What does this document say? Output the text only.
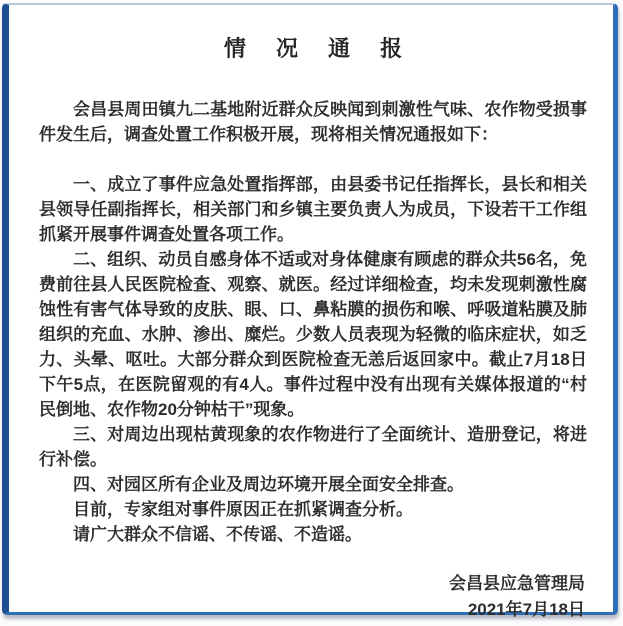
情 况 通 报

会昌县周田镇九二基地附近群众反映闻到刺激性气味、农作物受损事件发生后，调查处置工作积极开展，现将相关情况通报如下：

一、成立了事件应急处置指挥部，由县委书记任指挥长，县长和相关县领导任副指挥长，相关部门和乡镇主要负责人为成员，下设若干工作组抓紧开展事件调查处置各项工作。

二、组织、动员自感身体不适或对身体健康有顾虑的群众共56名，免费前往县人民医院检查、观察、就医。经过详细检查，均未发现刺激性腐蚀性有害气体导致的皮肤、眼、口、鼻粘膜的损伤和喉、呼吸道粘膜及肺组织的充血、水肿、渗出、糜烂。少数人员表现为轻微的临床症状，如乏力、头晕、呕吐。大部分群众到医院检查无恙后返回家中。截止7月18日下午5点，在医院留观的有4人。事件过程中没有出现有关媒体报道的“村民倒地、农作物20分钟枯干”现象。

三、对周边出现枯黄现象的农作物进行了全面统计、造册登记，将进行补偿。

四、对园区所有企业及周边环境开展全面安全排查。

目前，专家组对事件原因正在抓紧调查分析。

请广大群众不信谣、不传谣、不造谣。

会昌县应急管理局
2021年7月18日
